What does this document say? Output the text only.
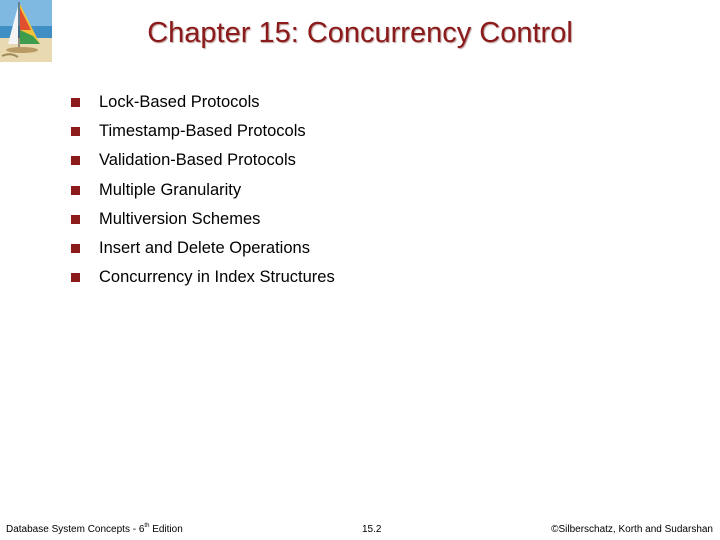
Chapter 15: Concurrency Control
Lock-Based Protocols
Timestamp-Based Protocols
Validation-Based Protocols
Multiple Granularity
Multiversion Schemes
Insert and Delete Operations
Concurrency in Index Structures
Database System Concepts - 6th Edition	15.2	©Silberschatz, Korth and Sudarshan
